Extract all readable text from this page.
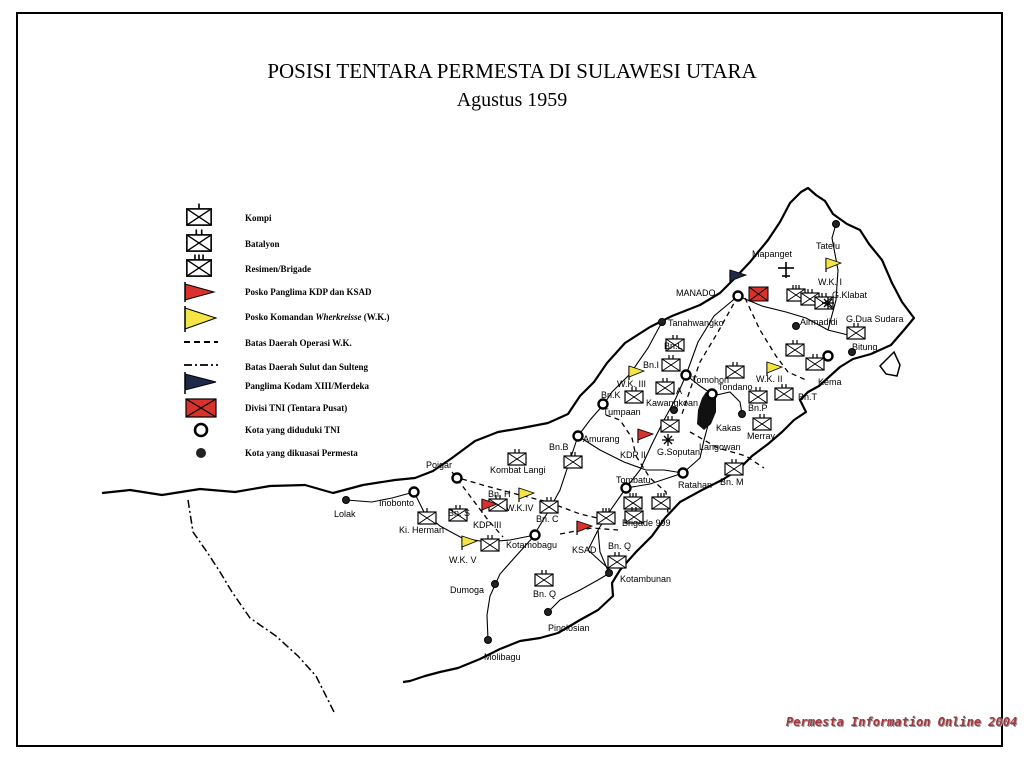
POSISI TENTARA PERMESTA DI SULAWESI UTARA
Agustus 1959
MANADO
Mapanget
Tatelu
W.K. I
G.Klabat
Airmadidi G.Dua Sudara
Bitung
Kema
Tanahwangko
Bn.L
Bn.I
Tomohon
Tondano
W.K. II
W.K. III
A
Bn.K
Kawangkoan
Tumpaan	Bn.P
Bn.T
Kakas
Merray
Amurang
Bn.B
KDP II G.Soputan
Langowan
Poigar	Kombat Langi
Tombatu	Ratahan Bn. M
Bn. H
Inobonto
Lolak	Bn. S	W.K.IV
Bn. C
KDP III
Ki. Herman
Brigade 999
W.K. V
Kotamobagu KSAD Bn. Q
Kotambunan
Dumoga	Bn. Q
Pinolosian
Molibagu
Kompi
Batalyon
Resimen/Brigade
Posko Panglima KDP dan KSAD
Posko Komandan Wherkreisse (W.K.)
Batas Daerah Operasi W.K.
Batas Daerah Sulut dan Sulteng
Panglima Kodam XIII/Merdeka
Divisi TNI (Tentara Pusat)
Kota yang diduduki TNI
Kota yang dikuasai Permesta
Permesta Information Online 2004
